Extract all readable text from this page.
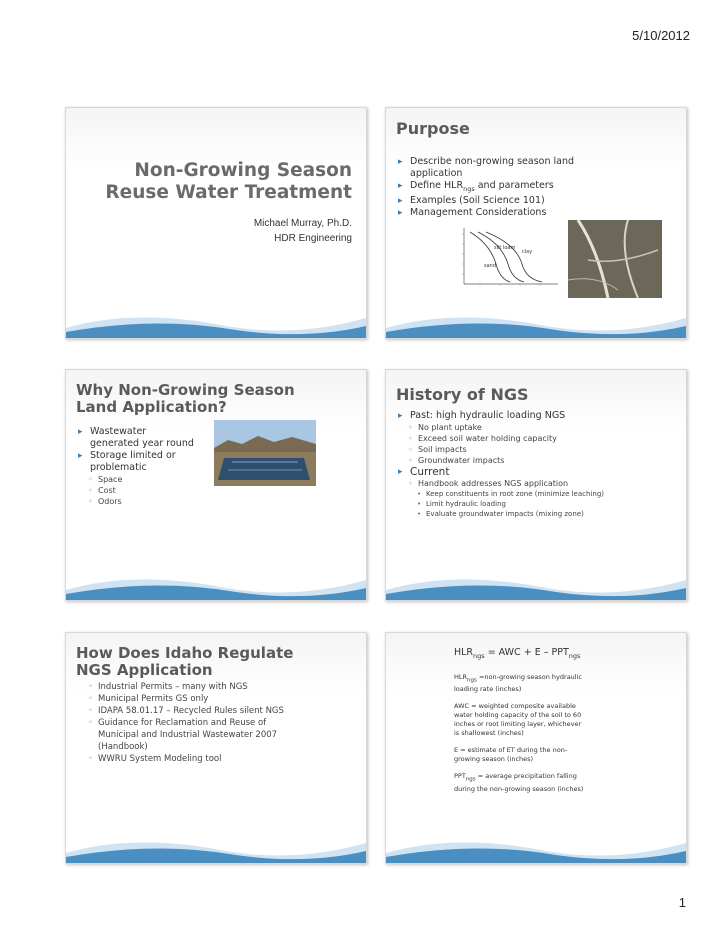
5/10/2012
Non-Growing Season
Reuse Water Treatment
Michael Murray, Ph.D.
HDR Engineering
Purpose
▸ Describe non-growing season land application
▸ Define $HLR_{ngs}$ and parameters
▸ Examples (Soil Science 101)
▸ Management Considerations
silt loam
clay
sand
Why Non-Growing Season Land Application?
▸ Wastewater generated year round
▸ Storage limited or problematic
◦ Space
◦ Cost
◦ Odors
History of NGS
▸ Past: high hydraulic loading NGS
◦ No plant uptake
◦ Exceed soil water holding capacity
◦ Soil impacts
◦ Groundwater impacts
▸ Current
◦ Handbook addresses NGS application
• Keep constituents in root zone (minimize leaching)
• Limit hydraulic loading
• Evaluate groundwater impacts (mixing zone)
How Does Idaho Regulate NGS Application
◦ Industrial Permits – many with NGS
◦ Municipal Permits GS only
◦ IDAPA 58.01.17 – Recycled Rules silent NGS
◦ Guidance for Reclamation and Reuse of Municipal and Industrial Wastewater 2007 (Handbook)
◦ WWRU System Modeling tool
$HLR_{ngs}$ = AWC + E – $PPT_{ngs}$

$HLR_{ngs}$ =non-growing season hydraulic loading rate (inches)

AWC = weighted composite available water holding capacity of the soil to 60 inches or root limiting layer, whichever is shallowest (inches)

E = estimate of ET during the non-growing season (inches)

$PPT_{ngs}$ = average precipitation falling during the non-growing season (inches)

1
